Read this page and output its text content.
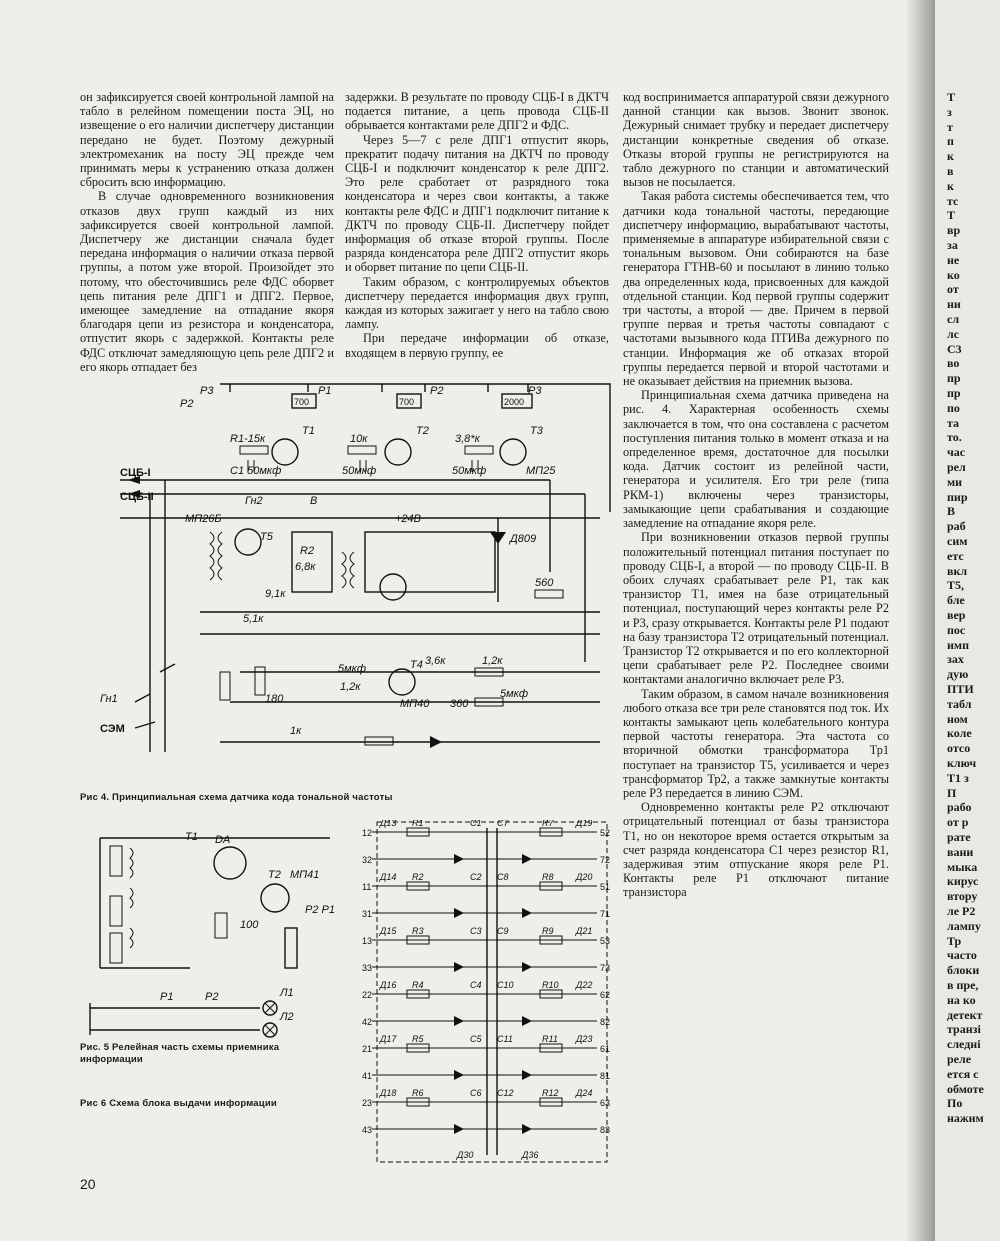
он зафиксируется своей контрольной лампой на табло в релейном помещении поста ЭЦ, но извещение о его наличии диспетчеру дистанции передано не будет. Поэтому дежурный электромеханик на посту ЭЦ прежде чем принимать меры к устранению отказа должен сбросить всю информацию.

В случае одновременного возникновения отказов двух групп каждый из них зафиксируется своей контрольной лампой. Диспетчеру же дистанции сначала будет передана информация о наличии отказа первой группы, а потом уже второй. Произойдет это потому, что обесточившись реле ФДС оборвет цепь питания реле ДПГ1 и ДПГ2. Первое, имеющее замедление на отпадание якоря благодаря цепи из резистора и конденсатора, отпустит якорь с задержкой. Контакты реле ФДС отключат замедляющую цепь реле ДПГ2 и его якорь отпадает без

задержки. В результате по проводу СЦБ-I в ДКТЧ подается питание, а цепь провода СЦБ-II обрывается контактами реле ДПГ2 и ФДС.

Через 5—7 с реле ДПГ1 отпустит якорь, прекратит подачу питания на ДКТЧ по проводу СЦБ-I и подключит конденсатор к реле ДПГ2. Это реле сработает от разрядного тока конденсатора и через свои контакты, а также контакты реле ФДС и ДПГ1 подключит питание к ДКТЧ по проводу СЦБ-II. Диспетчеру пойдет информация об отказе второй группы. После разряда конденсатора реле ДПГ2 отпустит якорь и оборвет питание по цепи СЦБ-II.

Таким образом, с контролируемых объектов диспетчеру передается информация двух групп, каждая из которых зажигает у него на табло свою лампу.

При передаче информации об отказе, входящем в первую группу, ее

код воспринимается аппаратурой связи дежурного данной станции как вызов. Звонит звонок. Дежурный снимает трубку и передает диспетчеру дистанции конкретные сведения об отказе. Отказы второй группы не регистрируются на табло дежурного по станции и автоматический вызов не посылается.

Такая работа системы обеспечивается тем, что датчики кода тональной частоты, передающие диспетчеру информацию, вырабатывают частоты, применяемые в аппаратуре избирательной связи с тональным вызовом. Они собираются на базе генератора ГТНВ-60 и посылают в линию только два определенных кода, присвоенных для каждой отдельной станции. Код первой группы содержит три частоты, а второй — две. Причем в первой группе первая и третья частоты совпадают с частотами вызывного кода ПТИВа дежурного по станции. Информация же об отказах второй группы передается первой и второй частотами и не оказывает действия на приемник вызова.

Принципиальная схема датчика приведена на рис. 4. Характерная особенность схемы заключается в том, что она составлена с расчетом поступления питания только в момент отказа и на определенное время, достаточное для посылки кода. Датчик состоит из релейной части, генератора и усилителя. Его три реле (типа РКМ-1) включены через транзисторы, замыкающие цепи срабатывания и создающие замедление на отпадание якоря реле.

При возникновении отказов первой группы положительный потенциал питания поступает по проводу СЦБ-I, а второй — по проводу СЦБ-II. В обоих случаях срабатывает реле Р1, так как транзистор Т1, имея на базе отрицательный потенциал, поступающий через контакты реле Р2 и Р3, сразу открывается. Контакты реле Р1 подают на базу транзистора Т2 отрицательный потенциал. Транзистор Т2 открывается и по его коллекторной цепи срабатывает реле Р2. Последнее своими контактами аналогично включает реле Р3.

Таким образом, в самом начале возникновения любого отказа все три реле становятся под ток. Их контакты замыкают цепь колебательного контура первой частоты генератора. Эта частота со вторичной обмотки трансформатора Тр1 поступает на транзистор Т5, усиливается и через трансформатор Тр2, а также замкнутые контакты реле Р3 передается в линию СЭМ.

Одновременно контакты реле Р2 отключают отрицательный потенциал от базы транзистора Т1, но он некоторое время остается открытым за счет разряда конденсатора С1 через резистор R1, задерживая этим отпускание якоря реле Р1. Контакты реле Р1 отключают питание транзистора

Р3
Р2
Р1	Р2	Р3
700	700	2000
R1-15к	10к	3,8*к
Т1	Т2	Т3
МП25
С1 50мкф	50мкф	50мкф
СЦБ-I
СЦБ-II	Гн2	В
+24В
Д809
560
МП26Б
Т5
R2
6,8к
5,1к
9,1к
Т4 3,6к	1,2к
5мкф
1,2к
МП40 360
5мкф
180
1к
Гн1
СЭМ
Рис 4. Принципиальная схема датчика кода тональной частоты
Т1 DA
Т2 МП41
100
Р2 Р1
Р1	Р2	Л1
Л2
Рис. 5 Релейная часть схемы приемника информации
Рис 6 Схема блока выдачи информации
12	52
Д13 R1	С1 С7	R7 Д19
32	72
11	51
Д14 R2	С2 С8	R8 Д20
31	71
13	53
Д15 R3	С3 С9	R9 Д21
33	73
22	62
Д16 R4	С4 С10	R10 Д22
42	82
21	61
Д17 R5	С5 С11	R11 Д23
41	81
23	63
Д18 R6	С6 С12	R12 Д24
43	83
Д30	Д36
20
Т
з
т
п
к
в
к
тс
Т
вр
за
не
ко
от
ни
сл
лс
С3
во
пр
пр
по
та
то.
час
рел
ми
пир
В
раб
сим
етс
вкл
Т5,
бле
вер
пос
имп
зах
дую
ПТИ
табл
ном
коле
отсо
ключ
Т1 з
П
рабо
от р
рате
вани
мыка
кирус
втору
ле Р2
лампу
Тр
часто
блоки
в пре,
на ко
детект
транзі
следні
реле
ется с
обмоте
По
нажим
